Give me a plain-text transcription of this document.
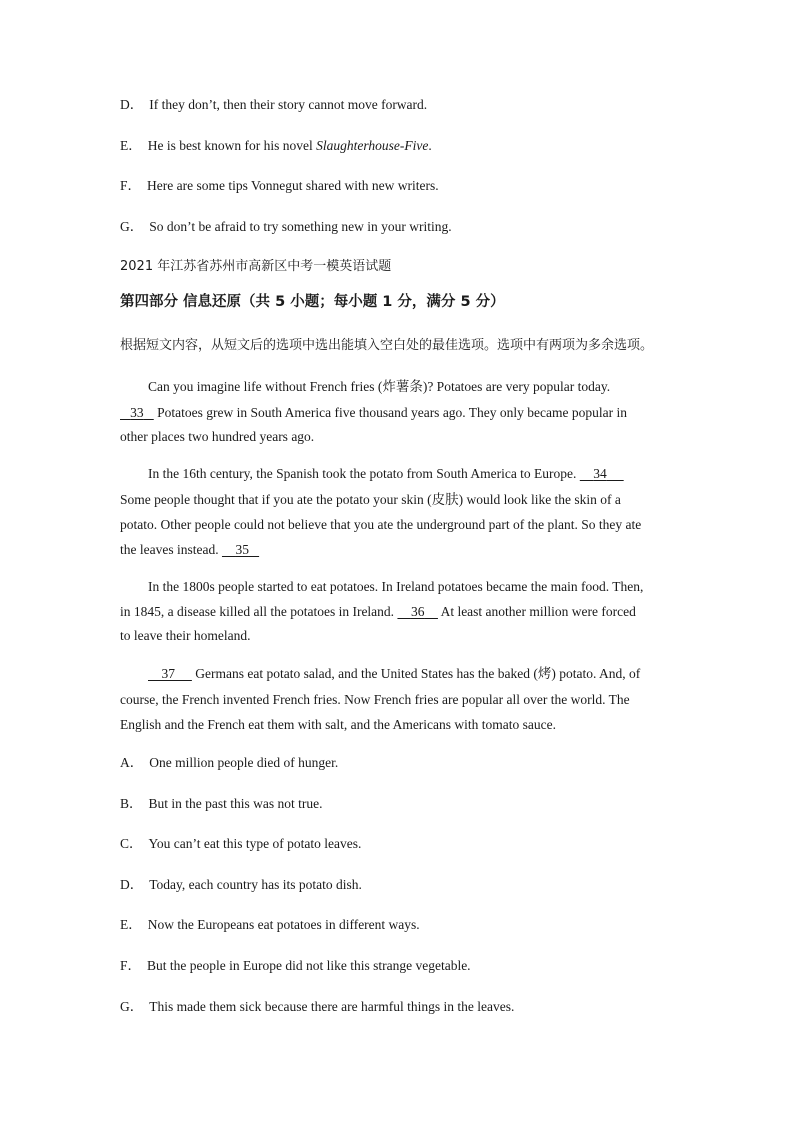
D． If they don’t, then their story cannot move forward.
E． He is best known for his novel Slaughterhouse-Five.
F． Here are some tips Vonnegut shared with new writers.
G． So don’t be afraid to try something new in your writing.
2021 年江苏省苏州市高新区中考一模英语试题
第四部分 信息还原（共 5 小题；每小题 1 分，满分 5 分）
根据短文内容，从短文后的选项中选出能填入空白处的最佳选项。选项中有两项为多余选项。
Can you imagine life without French fries (炸薯条)? Potatoes are very popular today.
33    Potatoes grew in South America five thousand years ago. They only became popular in
other places two hundred years ago.
In the 16th century, the Spanish took the potato from South America to Europe.     34
Some people thought that if you ate the potato your skin (皮肤) would look like the skin of a
potato. Other people could not believe that you ate the underground part of the plant. So they ate
the leaves instead.     35
In the 1800s people started to eat potatoes. In Ireland potatoes became the main food. Then,
in 1845, a disease killed all the potatoes in Ireland.     36     At least another million were forced
to leave their homeland.
37      Germans eat potato salad, and the United States has the baked (烤) potato. And, of
course, the French invented French fries. Now French fries are popular all over the world. The
English and the French eat them with salt, and the Americans with tomato sauce.
A． One million people died of hunger.
B． But in the past this was not true.
C． You can’t eat this type of potato leaves.
D． Today, each country has its potato dish.
E． Now the Europeans eat potatoes in different ways.
F． But the people in Europe did not like this strange vegetable.
G． This made them sick because there are harmful things in the leaves.
